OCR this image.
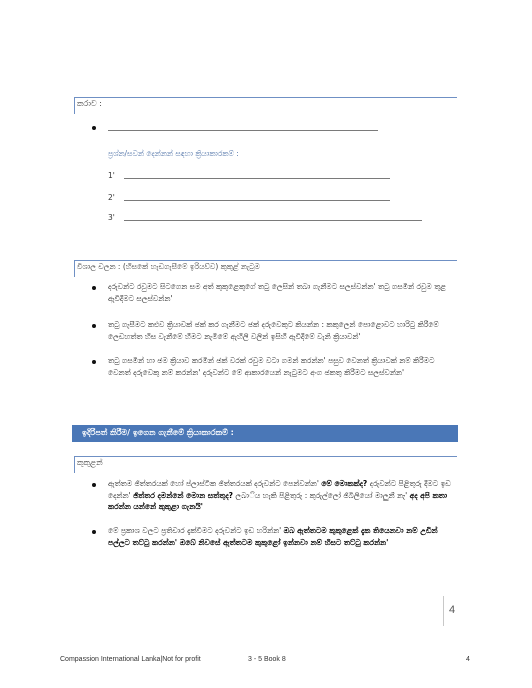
කරාව :
ප්‍රශ්න/සවන් දෙන්නන් සඳහා ක්‍රියාකාරකම් :
1'
2'
3'
විශාල චලන : (හිසකේ හැඩගැසීමේ ඉරියව්ව) කුකුළ් නැටුම
දරුවන්ට රවුමට සිටගෙන සම අත් කුකුළෙකුගේ තටු ලෙසින් තබා ගැනීමට සලස්වන්න' තටු ගසමින් රවුම තුළ ඇවිදීමට සලස්වන්න'
තටු ගැසීමට කළුව ක්‍රියාවක් ඡක් කර ගැනීමට ඡක් දරුවෙකුට කියන්න : කකුලෙන් පොළොවට හාරිටු කිරීමේ ලෙඩහත්ත හිස වැනීමේ හීමට නැමීමේ ඇහිලි වලින් ඉසිහී ඇවිදීමේ වැනි ක්‍රියාවන්'
තටු ගසමින් හා ඡම ක්‍රියාව කරමින් ඡක් වරක් රවුම වටා ගමන් කරන්න' පසුව වෙනත් ක්‍රියාවක් නම් කිරීමට වෙනත් දරුවෙකු නම් කරන්න' දරුවන්ට මේ ආකාරයෙන් නැටුමට අංග ඡකතු කිරීමට සලස්වන්න'
ඉදිරිපත් කිරීම/ ඉගෙන ගැනීමේ ක්‍රියාකාරකම් :
කුකුළන්
ඇත්තම ඡිත්තරයක් හෝ ප්ලාස්ටික ඡිත්තරයක් දරුවන්ට පෙන්වන්න' මේ මොකක්ද? දරුවන්ට පිළිතුරු දීමට ඉඩ දෙන්න' ඡිත්තර දමන්නේ මොන සත්තුද? ලබාිය හැකි පිළිතුරු : කුරුල්ලෝ ඡිබිලියෝ මාලුනී නෑ' අද අපි කතා කරන්න යන්නේ කුකුළා ගැනයි'
මේ ප්‍රකාශ වලට ප්‍රතිචාර දැක්වීමට දරුවන්ට ඉඩ හරින්න' ඔබ ඇත්තටම කුකුළෙක් දැක තියෙනවා නම් උඩින් පල්ලට තට්ටු කරන්න' ඔබේ නිවසේ ඇත්තටම කුකුළෝ ඉන්නවා නම් හිසට තට්ටු කරන්න'
4
Compassion International Lanka|Not for profit	3 - 5 Book 8	4
